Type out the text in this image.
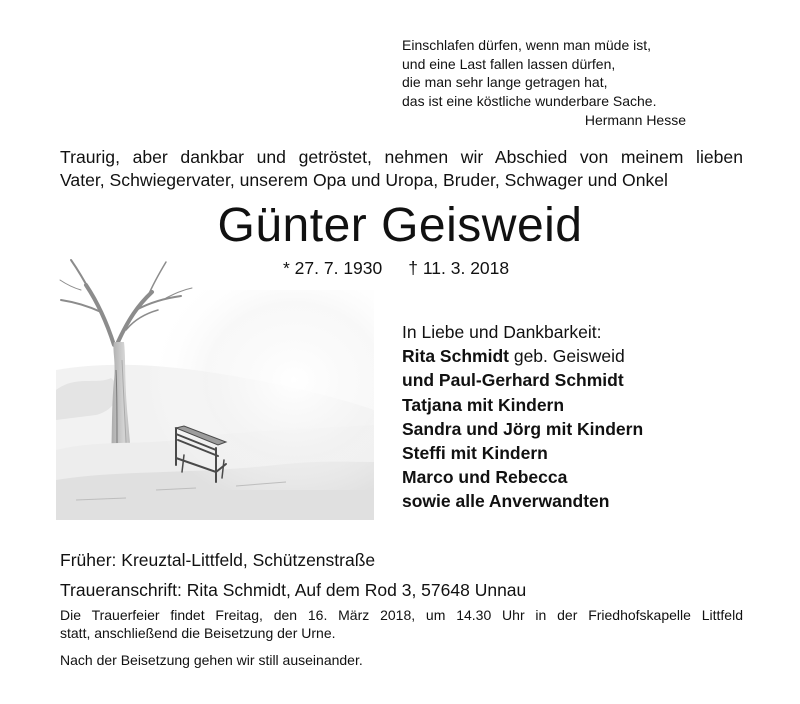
Einschlafen dürfen, wenn man müde ist,
und eine Last fallen lassen dürfen,
die man sehr lange getragen hat,
das ist eine köstliche wunderbare Sache.
Hermann Hesse
Traurig, aber dankbar und getröstet, nehmen wir Abschied von meinem lieben
Vater, Schwiegervater, unserem Opa und Uropa, Bruder, Schwager und Onkel
Günter Geisweid
* 27. 7. 1930 † 11. 3. 2018
In Liebe und Dankbarkeit:
Rita Schmidt geb. Geisweid
und Paul-Gerhard Schmidt
Tatjana mit Kindern
Sandra und Jörg mit Kindern
Steffi mit Kindern
Marco und Rebecca
sowie alle Anverwandten
Früher: Kreuztal-Littfeld, Schützenstraße
Traueranschrift: Rita Schmidt, Auf dem Rod 3, 57648 Unnau
Die Trauerfeier findet Freitag, den 16. März 2018, um 14.30 Uhr in der Friedhofskapelle Littfeld
statt, anschließend die Beisetzung der Urne.
Nach der Beisetzung gehen wir still auseinander.
